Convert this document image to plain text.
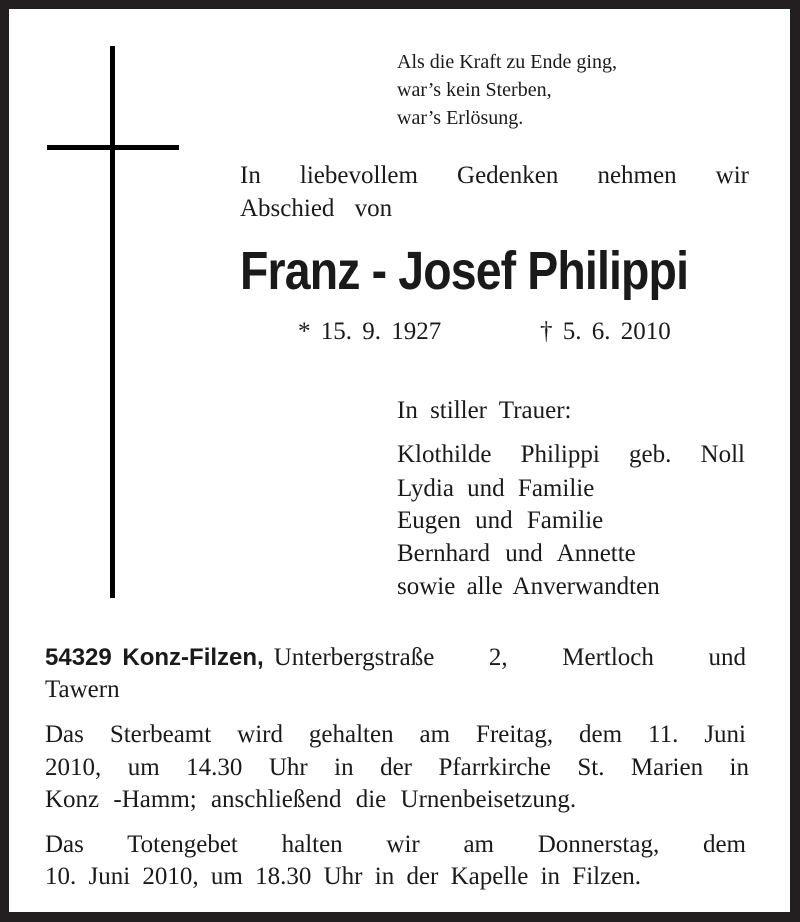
Als die Kraft zu Ende ging,
war’s kein Sterben,
war’s Erlösung.
In liebevollem Gedenken nehmen wir
Abschied von
Franz - Josef Philippi
* 15. 9. 1927	† 5. 6. 2010
In stiller Trauer:
Klothilde Philippi geb. Noll
Lydia und Familie
Eugen und Familie
Bernhard und Annette
sowie alle Anverwandten
54329 Konz-Filzen, Unterbergstraße 2, Mertloch und
Tawern
Das Sterbeamt wird gehalten am Freitag, dem 11. Juni
2010, um 14.30 Uhr in der Pfarrkirche St. Marien in
Konz -Hamm; anschließend die Urnenbeisetzung.
Das Totengebet halten wir am Donnerstag, dem
10. Juni 2010, um 18.30 Uhr in der Kapelle in Filzen.
